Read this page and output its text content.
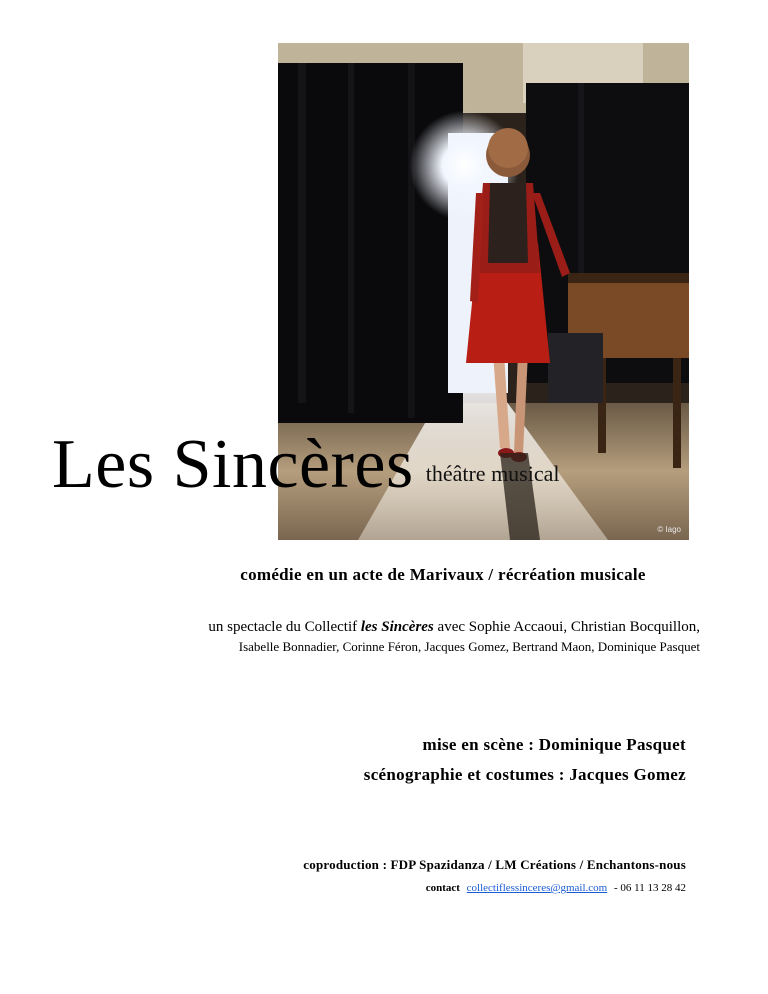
© Iago
Les Sincères théâtre musical
comédie en un acte de Marivaux / récréation musicale
un spectacle du Collectif les Sincères avec Sophie Accaoui, Christian Bocquillon,
Isabelle Bonnadier, Corinne Féron, Jacques Gomez, Bertrand Maon, Dominique Pasquet
mise en scène : Dominique Pasquet
scénographie et costumes : Jacques Gomez
coproduction : FDP Spazidanza / LM Créations / Enchantons-nous
contact collectiflessinceres@gmail.com - 06 11 13 28 42
